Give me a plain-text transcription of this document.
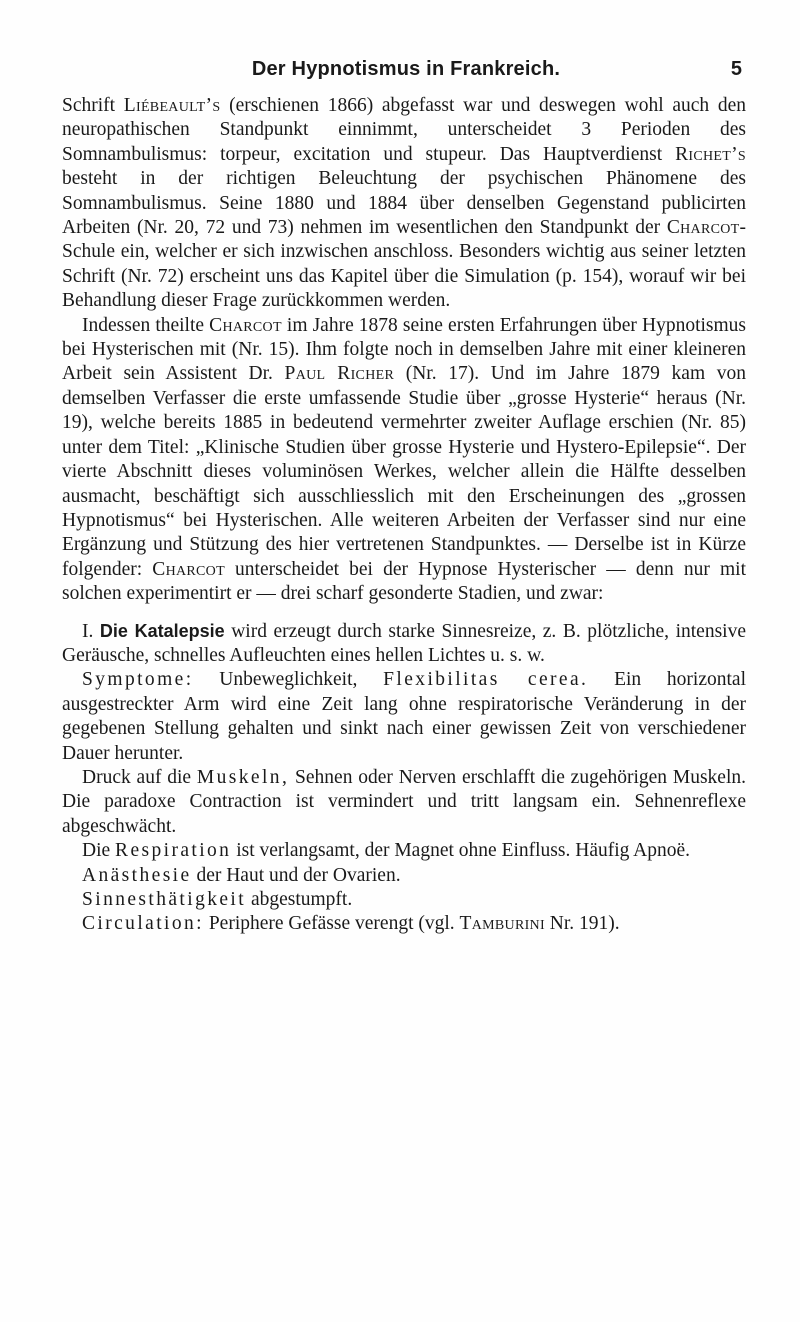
Der Hypnotismus in Frankreich.	5

Schrift Liébeault’s (erschienen 1866) abgefasst war und deswegen wohl auch den neuropathischen Standpunkt einnimmt, unterscheidet 3 Perioden des Somnambulismus: torpeur, excitation und stupeur. Das Hauptverdienst Richet’s besteht in der richtigen Beleuchtung der psychischen Phänomene des Somnambulismus. Seine 1880 und 1884 über denselben Gegenstand publicirten Arbeiten (Nr. 20, 72 und 73) nehmen im wesentlichen den Standpunkt der Charcot-Schule ein, welcher er sich inzwischen anschloss. Besonders wichtig aus seiner letzten Schrift (Nr. 72) erscheint uns das Kapitel über die Simulation (p. 154), worauf wir bei Behandlung dieser Frage zurückkommen werden.

Indessen theilte Charcot im Jahre 1878 seine ersten Erfahrungen über Hypnotismus bei Hysterischen mit (Nr. 15). Ihm folgte noch in demselben Jahre mit einer kleineren Arbeit sein Assistent Dr. Paul Richer (Nr. 17). Und im Jahre 1879 kam von demselben Verfasser die erste umfassende Studie über „grosse Hysterie“ heraus (Nr. 19), welche bereits 1885 in bedeutend vermehrter zweiter Auflage erschien (Nr. 85) unter dem Titel: „Klinische Studien über grosse Hysterie und Hystero-Epilepsie“. Der vierte Abschnitt dieses voluminösen Werkes, welcher allein die Hälfte desselben ausmacht, beschäftigt sich ausschliesslich mit den Erscheinungen des „grossen Hypnotismus“ bei Hysterischen. Alle weiteren Arbeiten der Verfasser sind nur eine Ergänzung und Stützung des hier vertretenen Standpunktes. — Derselbe ist in Kürze folgender: Charcot unterscheidet bei der Hypnose Hysterischer — denn nur mit solchen experimentirt er — drei scharf gesonderte Stadien, und zwar:

I. Die Katalepsie wird erzeugt durch starke Sinnesreize, z. B. plötzliche, intensive Geräusche, schnelles Aufleuchten eines hellen Lichtes u. s. w.

Symptome: Unbeweglichkeit, Flexibilitas cerea. Ein horizontal ausgestreckter Arm wird eine Zeit lang ohne respiratorische Veränderung in der gegebenen Stellung gehalten und sinkt nach einer gewissen Zeit von verschiedener Dauer herunter.

Druck auf die Muskeln, Sehnen oder Nerven erschlafft die zugehörigen Muskeln. Die paradoxe Contraction ist vermindert und tritt langsam ein. Sehnenreflexe abgeschwächt.

Die Respiration ist verlangsamt, der Magnet ohne Einfluss. Häufig Apnoë.

Anästhesie der Haut und der Ovarien.

Sinnesthätigkeit abgestumpft.

Circulation: Periphere Gefässe verengt (vgl. Tamburini Nr. 191).
